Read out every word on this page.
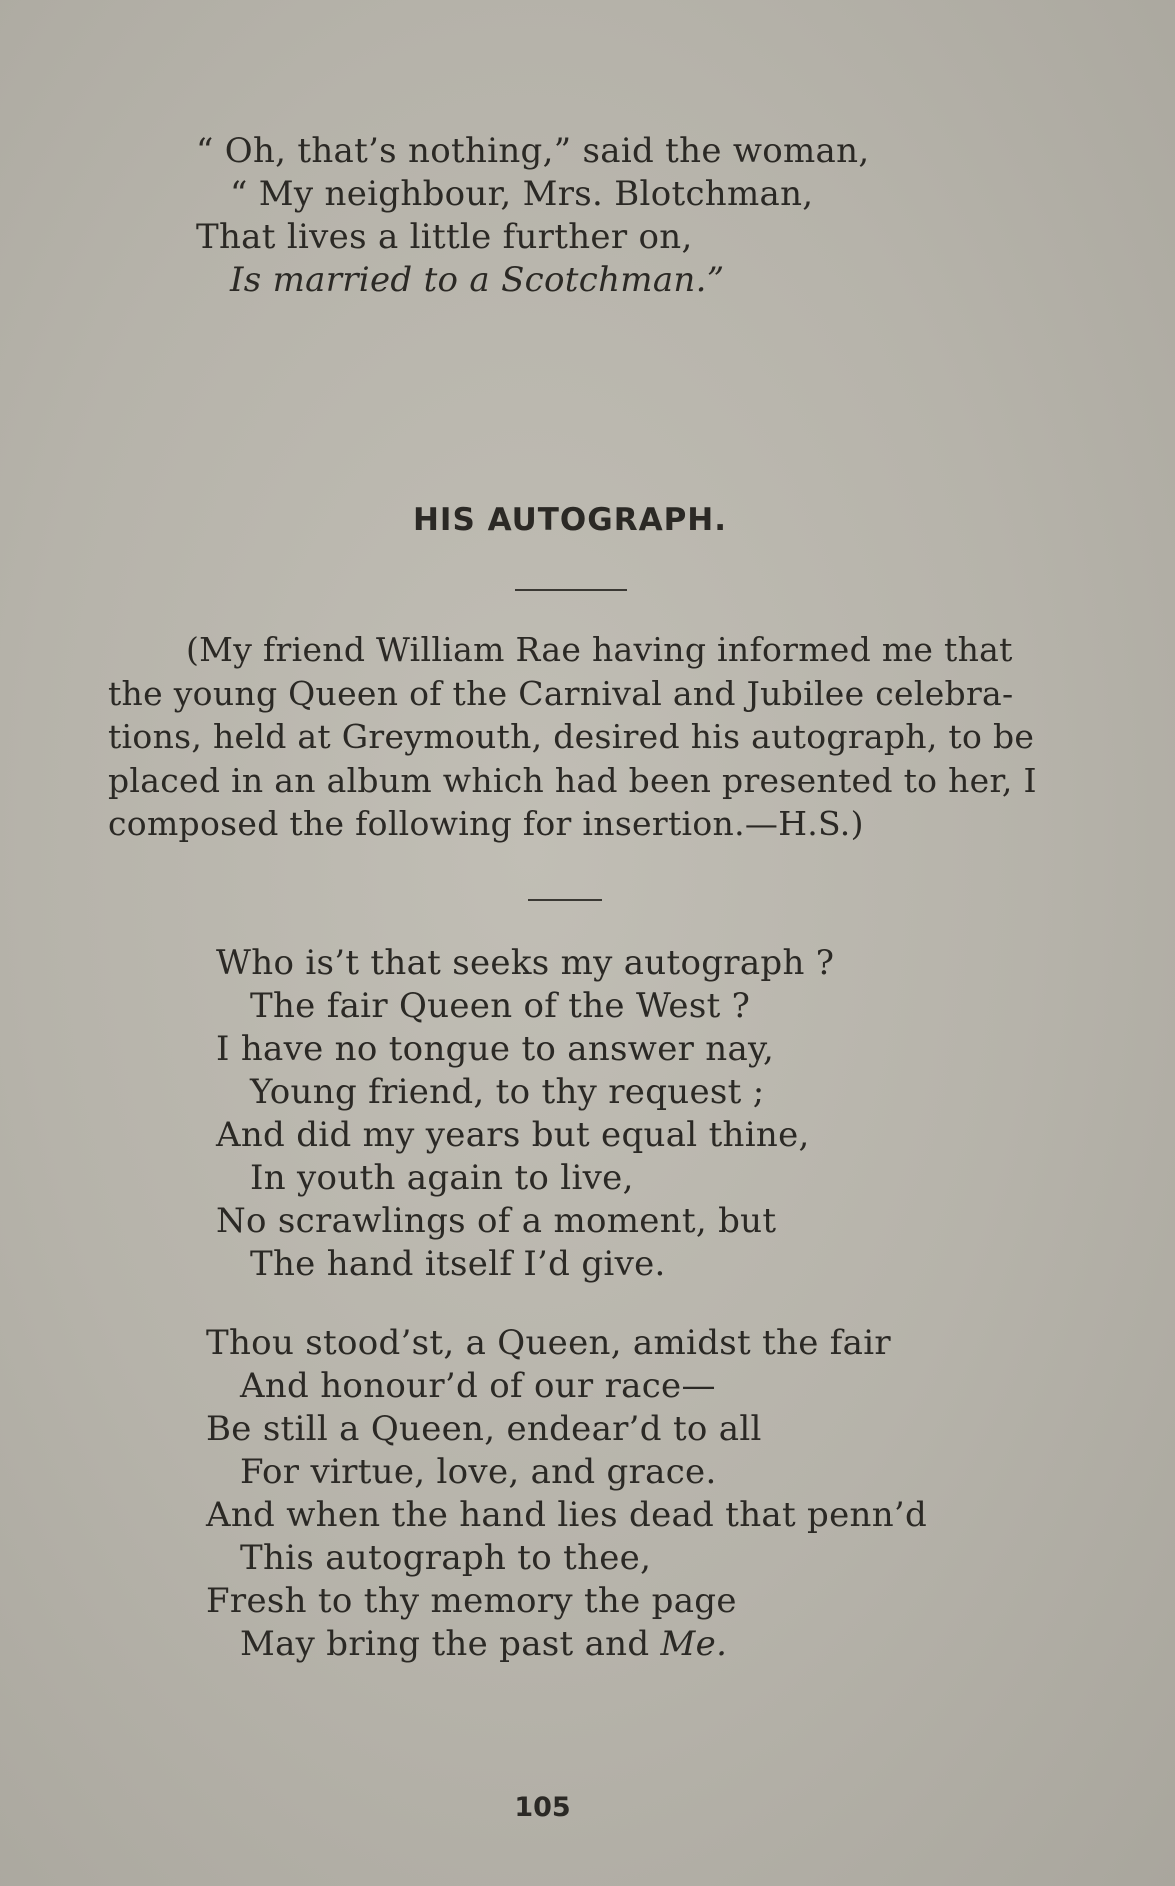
“ Oh, that’s nothing,” said the woman,
“ My neighbour, Mrs. Blotchman,
That lives a little further on,
Is married to a Scotchman.”
HIS AUTOGRAPH.
(My friend William Rae having informed me that
the young Queen of the Carnival and Jubilee celebra-
tions, held at Greymouth, desired his autograph, to be
placed in an album which had been presented to her, I
composed the following for insertion.—H.S.)
Who is’t that seeks my autograph ?
The fair Queen of the West ?
I have no tongue to answer nay,
Young friend, to thy request ;
And did my years but equal thine,
In youth again to live,
No scrawlings of a moment, but
The hand itself I’d give.
Thou stood’st, a Queen, amidst the fair
And honour’d of our race—
Be still a Queen, endear’d to all
For virtue, love, and grace.
And when the hand lies dead that penn’d
This autograph to thee,
Fresh to thy memory the page
May bring the past and Me.
105
